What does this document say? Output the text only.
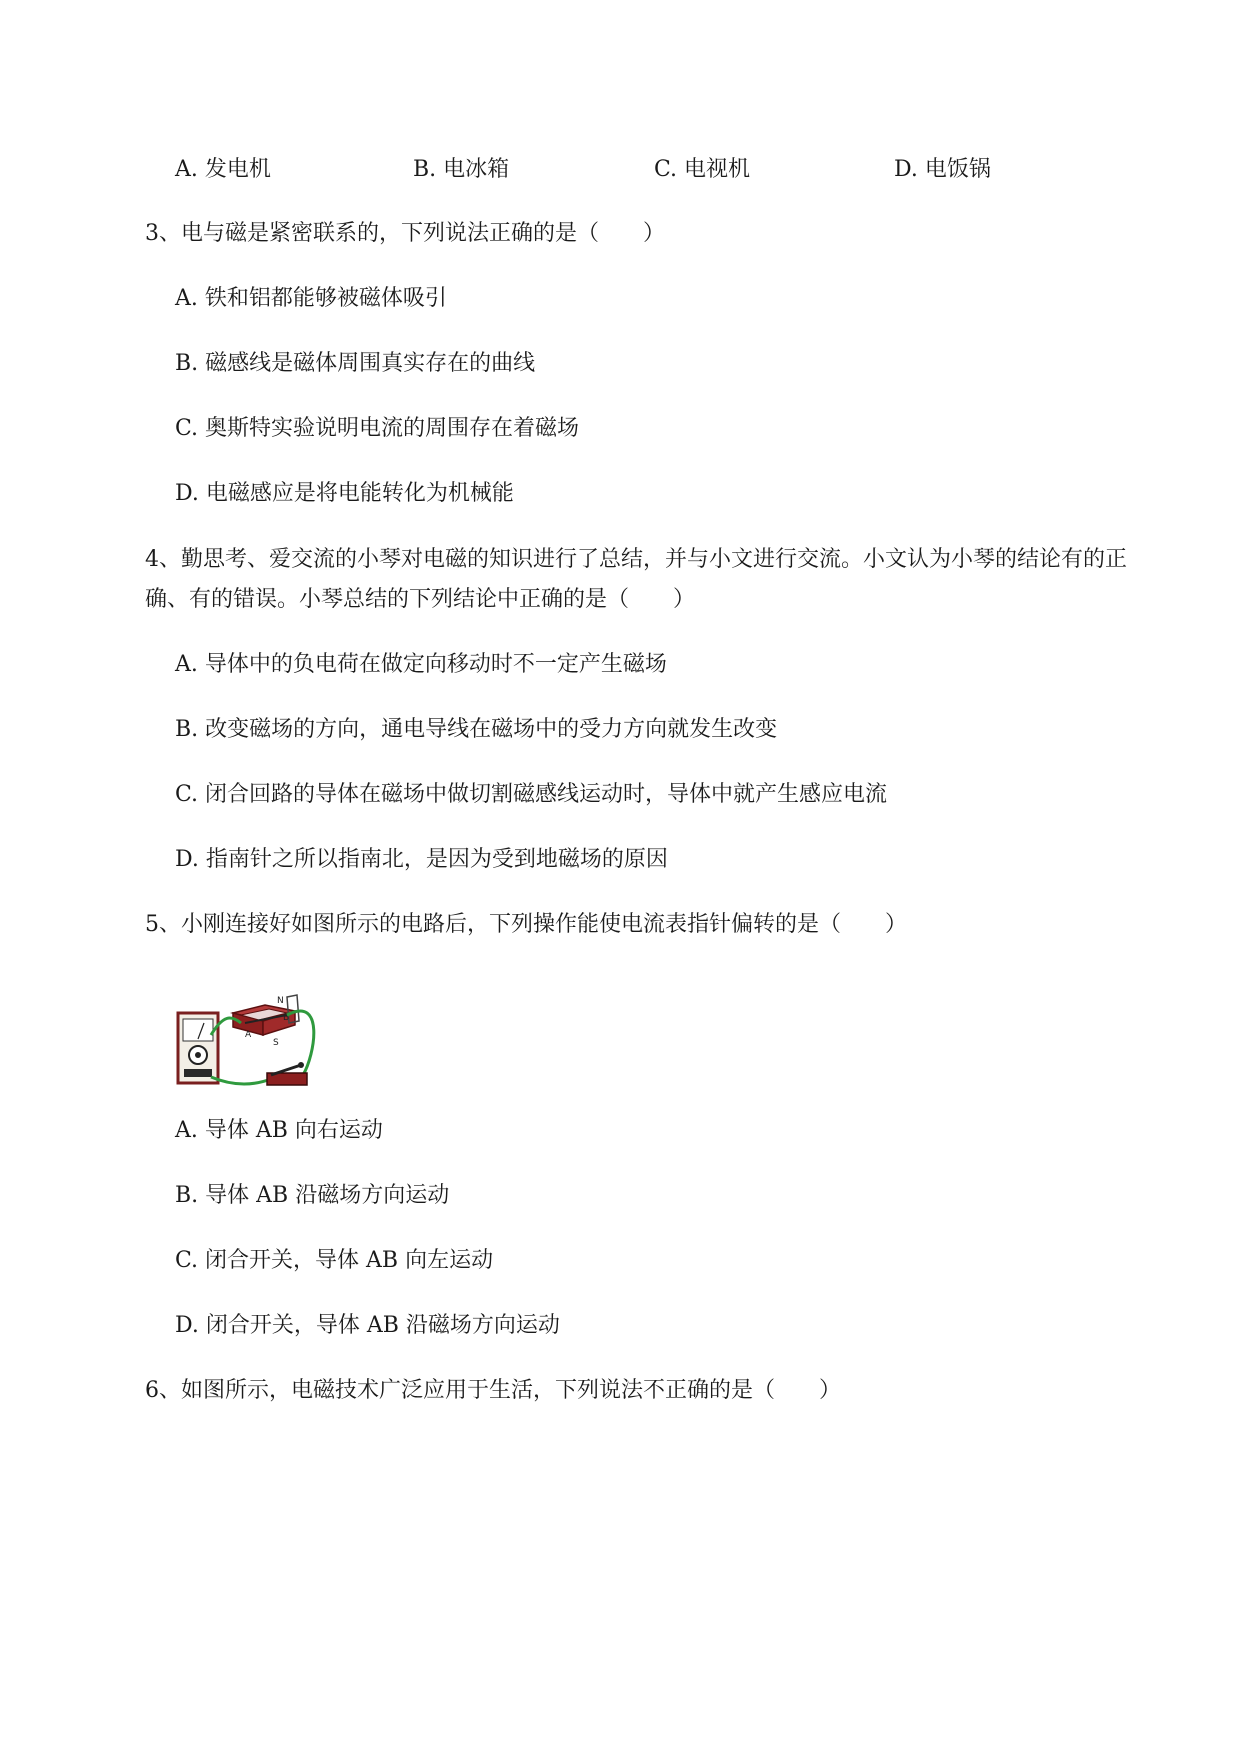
A. 发电机	B. 电冰箱	C. 电视机	D. 电饭锅
3、电与磁是紧密联系的，下列说法正确的是（　　）
A. 铁和铝都能够被磁体吸引
B. 磁感线是磁体周围真实存在的曲线
C. 奥斯特实验说明电流的周围存在着磁场
D. 电磁感应是将电能转化为机械能
4、勤思考、爱交流的小琴对电磁的知识进行了总结，并与小文进行交流。小文认为小琴的结论有的正
确、有的错误。小琴总结的下列结论中正确的是（　　）
A. 导体中的负电荷在做定向移动时不一定产生磁场
B. 改变磁场的方向，通电导线在磁场中的受力方向就发生改变
C. 闭合回路的导体在磁场中做切割磁感线运动时，导体中就产生感应电流
D. 指南针之所以指南北，是因为受到地磁场的原因
5、小刚连接好如图所示的电路后，下列操作能使电流表指针偏转的是（　　）
N
S
A
B
A. 导体 AB 向右运动
B. 导体 AB 沿磁场方向运动
C. 闭合开关，导体 AB 向左运动
D. 闭合开关，导体 AB 沿磁场方向运动
6、如图所示，电磁技术广泛应用于生活，下列说法不正确的是（　　）
